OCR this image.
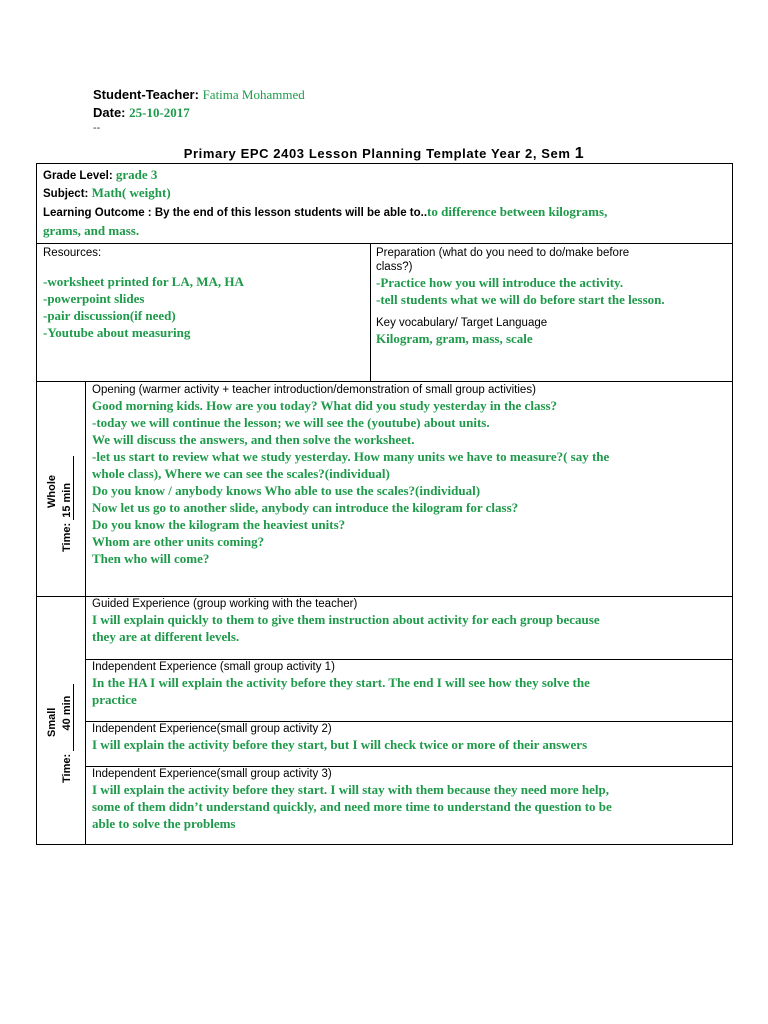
Student-Teacher: Fatima Mohammed
Date: 25-10-2017
--
Primary EPC 2403 Lesson Planning Template Year 2, Sem 1
Grade Level: grade 3
Subject: Math( weight)
Learning Outcome : By the end of this lesson students will be able to..to difference between kilograms,
grams, and mass.
Resources:
-worksheet printed for LA, MA, HA
-powerpoint slides
-pair discussion(if need)
-Youtube about measuring
Preparation (what do you need to do/make before
class?)
-Practice how you will introduce the activity.
-tell students what we will do before start the lesson.
Key vocabulary/ Target Language
Kilogram, gram, mass, scale
Whole
Time: 15 min
Opening (warmer activity + teacher introduction/demonstration of small group activities)
Good morning kids. How are you today? What did you study yesterday in the class?
-today we will continue the lesson; we will see the (youtube) about units.
We will discuss the answers, and then solve the worksheet.
-let us start to review what we study yesterday. How many units we have to measure?( say the
whole class), Where we can see the scales?(individual)
Do you know / anybody knows Who able to use the scales?(individual)
Now let us go to another slide, anybody can introduce the kilogram for class?
Do you know the kilogram the heaviest units?
Whom are other units coming?
Then who will come?
Small
Time:       40 min
Guided Experience (group working with the teacher)
I will explain quickly to them to give them instruction about activity for each group because
they are at different levels.
Independent Experience (small group activity 1)
In the HA I will explain the activity before they start. The end I will see how they solve the
practice
Independent Experience(small group activity 2)
I will explain the activity before they start, but I will check twice or more of their answers
Independent Experience(small group activity 3)
I will explain the activity before they start. I will stay with them because they need more help,
some of them didn’t understand quickly, and need more time to understand the question to be
able to solve the problems
